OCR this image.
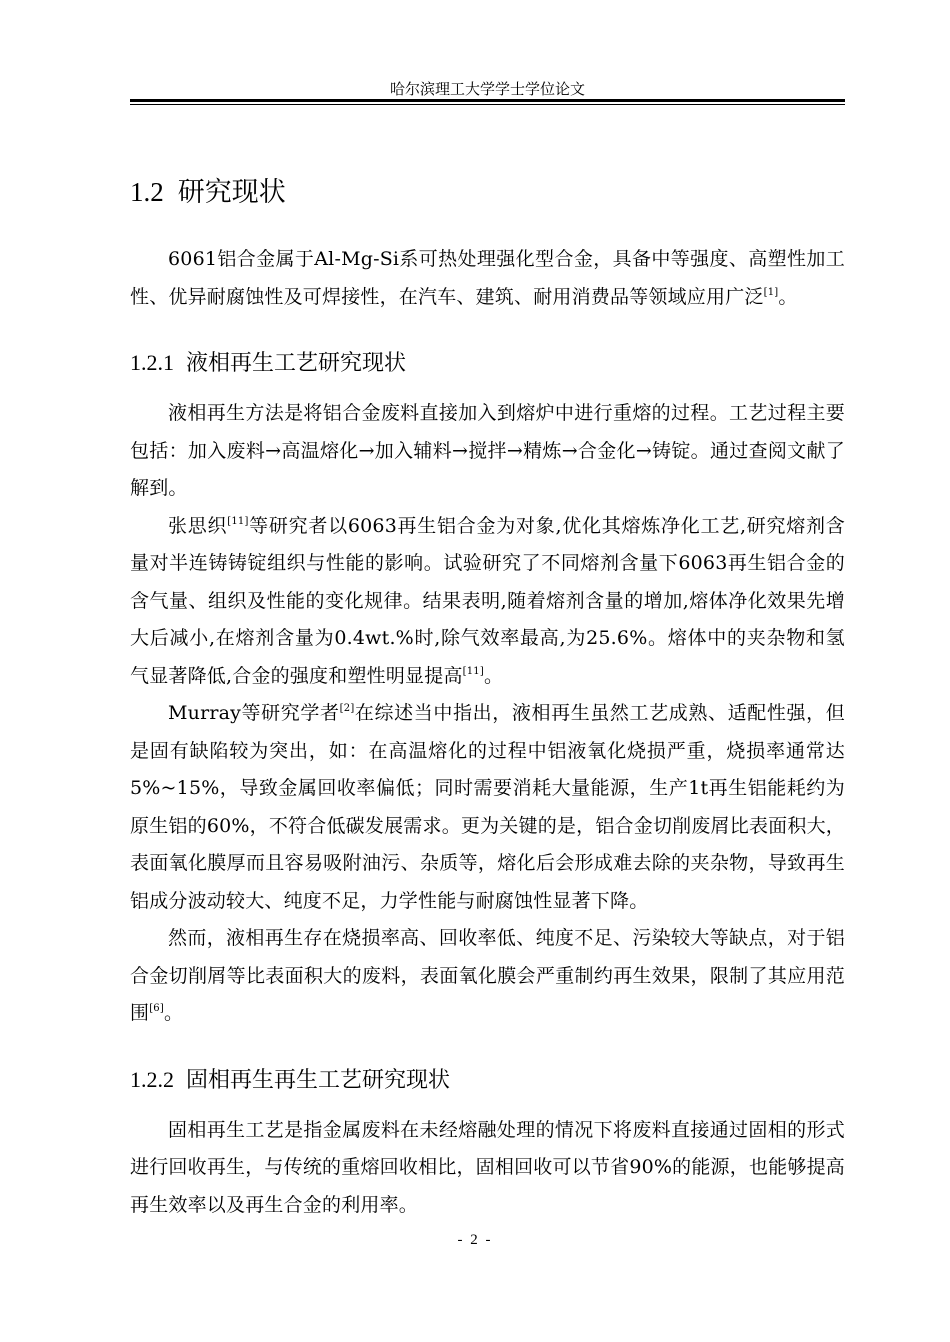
哈尔滨理工大学学士学位论文
1.2 研究现状

6061铝合金属于Al-Mg-Si系可热处理强化型合金，具备中等强度、高塑性加工性、优异耐腐蚀性及可焊接性，在汽车、建筑、耐用消费品等领域应用广泛[1]。

1.2.1 液相再生工艺研究现状

液相再生方法是将铝合金废料直接加入到熔炉中进行重熔的过程。工艺过程主要包括：加入废料→高温熔化→加入辅料→搅拌→精炼→合金化→铸锭。通过查阅文献了解到。

张思织[11]等研究者以6063再生铝合金为对象,优化其熔炼净化工艺,研究熔剂含量对半连铸铸锭组织与性能的影响。试验研究了不同熔剂含量下6063再生铝合金的含气量、组织及性能的变化规律。结果表明,随着熔剂含量的增加,熔体净化效果先增大后减小,在熔剂含量为0.4wt.%时,除气效率最高,为25.6%。熔体中的夹杂物和氢气显著降低,合金的强度和塑性明显提高[11]。

Murray等研究学者[2]在综述当中指出，液相再生虽然工艺成熟、适配性强，但是固有缺陷较为突出，如：在高温熔化的过程中铝液氧化烧损严重，烧损率通常达5%~15%，导致金属回收率偏低；同时需要消耗大量能源，生产1t再生铝能耗约为原生铝的60%，不符合低碳发展需求。更为关键的是，铝合金切削废屑比表面积大，表面氧化膜厚而且容易吸附油污、杂质等，熔化后会形成难去除的夹杂物，导致再生铝成分波动较大、纯度不足，力学性能与耐腐蚀性显著下降。

然而，液相再生存在烧损率高、回收率低、纯度不足、污染较大等缺点，对于铝合金切削屑等比表面积大的废料，表面氧化膜会严重制约再生效果，限制了其应用范围[6]。

1.2.2 固相再生再生工艺研究现状

固相再生工艺是指金属废料在未经熔融处理的情况下将废料直接通过固相的形式进行回收再生，与传统的重熔回收相比，固相回收可以节省90%的能源，也能够提高再生效率以及再生合金的利用率。

- 2 -
